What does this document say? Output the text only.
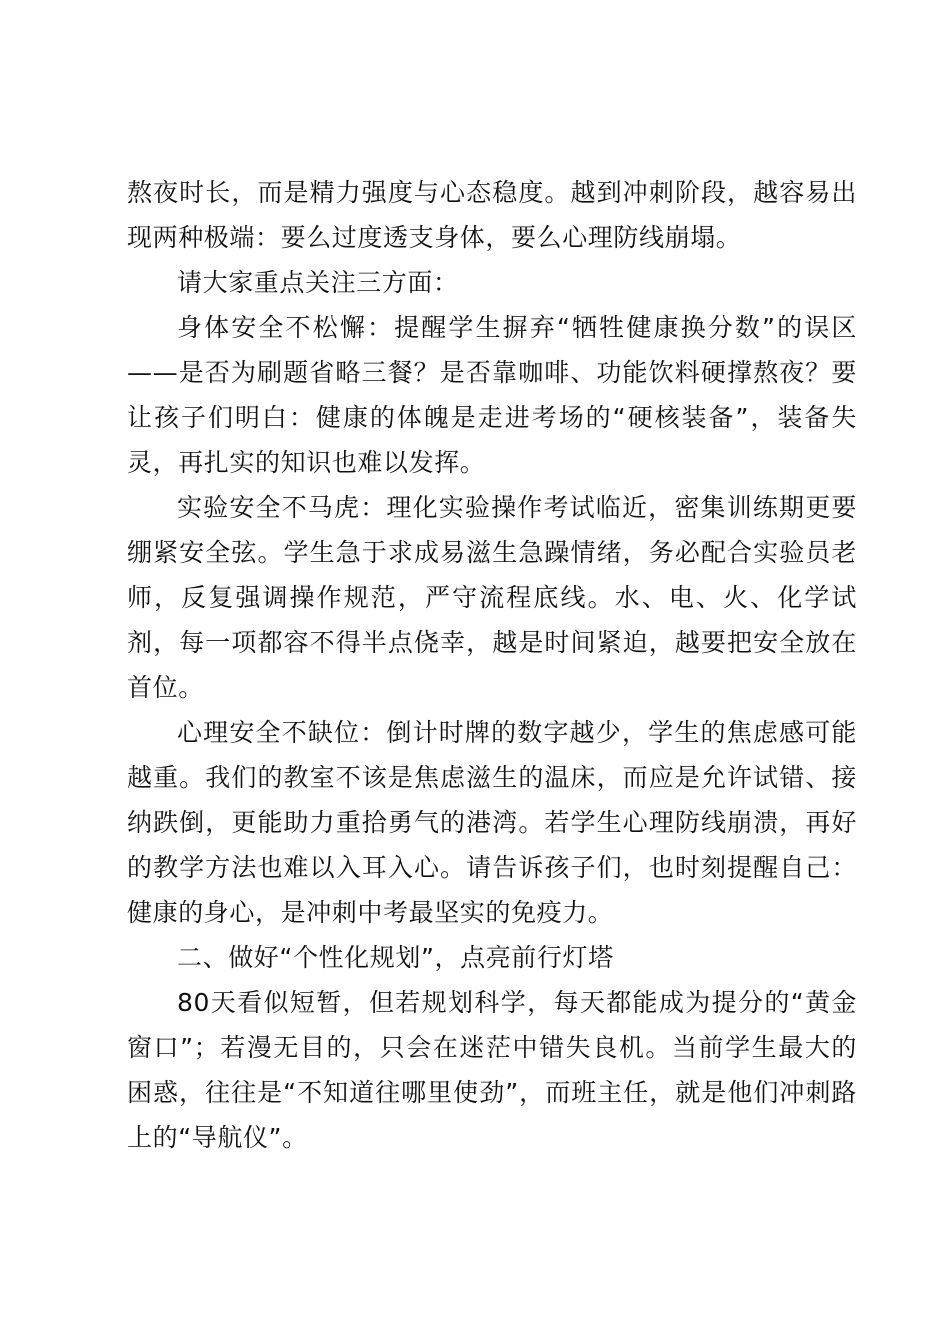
熬夜时长，而是精力强度与心态稳度。越到冲刺阶段，越容易出现两种极端：要么过度透支身体，要么心理防线崩塌。

请大家重点关注三方面：

身体安全不松懈：提醒学生摒弃“牺牲健康换分数”的误区——是否为刷题省略三餐？是否靠咖啡、功能饮料硬撑熬夜？要让孩子们明白：健康的体魄是走进考场的“硬核装备”，装备失灵，再扎实的知识也难以发挥。

实验安全不马虎：理化实验操作考试临近，密集训练期更要绷紧安全弦。学生急于求成易滋生急躁情绪，务必配合实验员老师，反复强调操作规范，严守流程底线。水、电、火、化学试剂，每一项都容不得半点侥幸，越是时间紧迫，越要把安全放在首位。

心理安全不缺位：倒计时牌的数字越少，学生的焦虑感可能越重。我们的教室不该是焦虑滋生的温床，而应是允许试错、接纳跌倒，更能助力重拾勇气的港湾。若学生心理防线崩溃，再好的教学方法也难以入耳入心。请告诉孩子们，也时刻提醒自己：健康的身心，是冲刺中考最坚实的免疫力。

二、做好“个性化规划”，点亮前行灯塔

80天看似短暂，但若规划科学，每天都能成为提分的“黄金窗口”；若漫无目的，只会在迷茫中错失良机。当前学生最大的困惑，往往是“不知道往哪里使劲”，而班主任，就是他们冲刺路上的“导航仪”。
